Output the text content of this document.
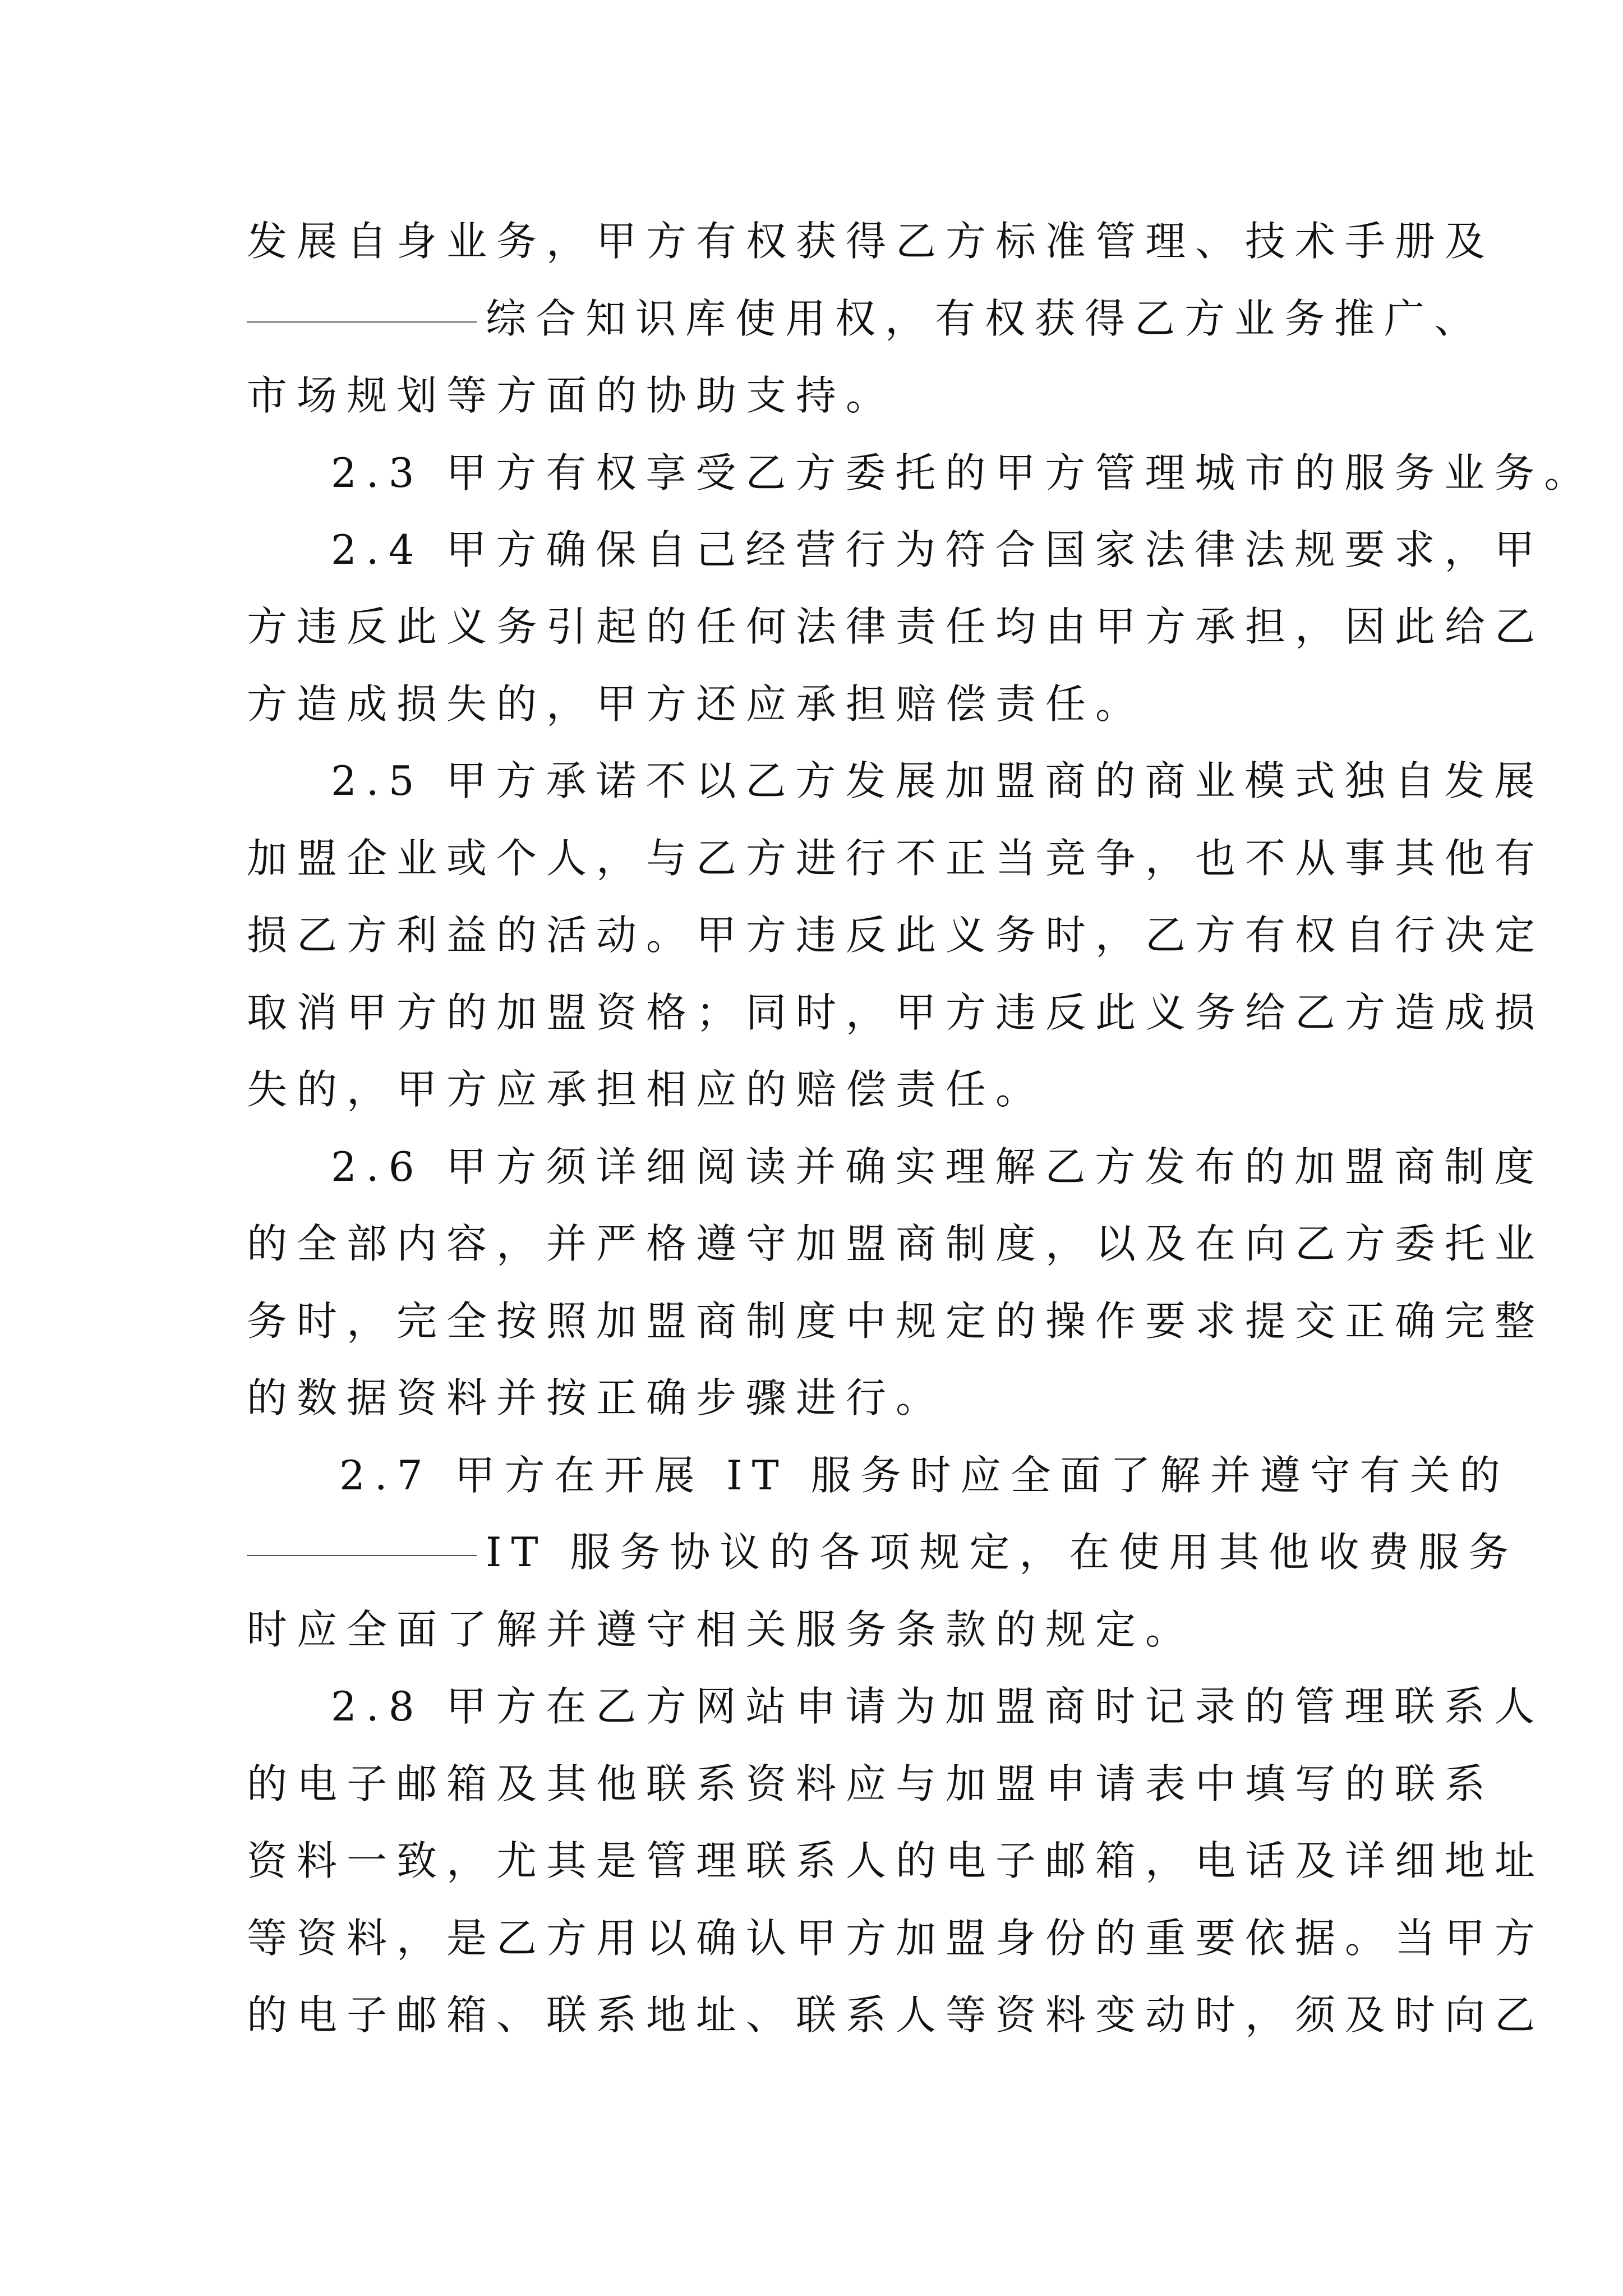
发展自身业务，甲方有权获得乙方标准管理、技术手册及
综合知识库使用权，有权获得乙方业务推广、
市场规划等方面的协助支持。
2.3 甲方有权享受乙方委托的甲方管理城市的服务业务。
2.4 甲方确保自己经营行为符合国家法律法规要求，甲
方违反此义务引起的任何法律责任均由甲方承担，因此给乙
方造成损失的，甲方还应承担赔偿责任。
2.5 甲方承诺不以乙方发展加盟商的商业模式独自发展
加盟企业或个人，与乙方进行不正当竞争，也不从事其他有
损乙方利益的活动。甲方违反此义务时，乙方有权自行决定
取消甲方的加盟资格；同时，甲方违反此义务给乙方造成损
失的，甲方应承担相应的赔偿责任。
2.6 甲方须详细阅读并确实理解乙方发布的加盟商制度
的全部内容，并严格遵守加盟商制度，以及在向乙方委托业
务时，完全按照加盟商制度中规定的操作要求提交正确完整
的数据资料并按正确步骤进行。
2.7 甲方在开展 IT 服务时应全面了解并遵守有关的
IT 服务协议的各项规定，在使用其他收费服务
时应全面了解并遵守相关服务条款的规定。
2.8 甲方在乙方网站申请为加盟商时记录的管理联系人
的电子邮箱及其他联系资料应与加盟申请表中填写的联系
资料一致，尤其是管理联系人的电子邮箱，电话及详细地址
等资料，是乙方用以确认甲方加盟身份的重要依据。当甲方
的电子邮箱、联系地址、联系人等资料变动时，须及时向乙
